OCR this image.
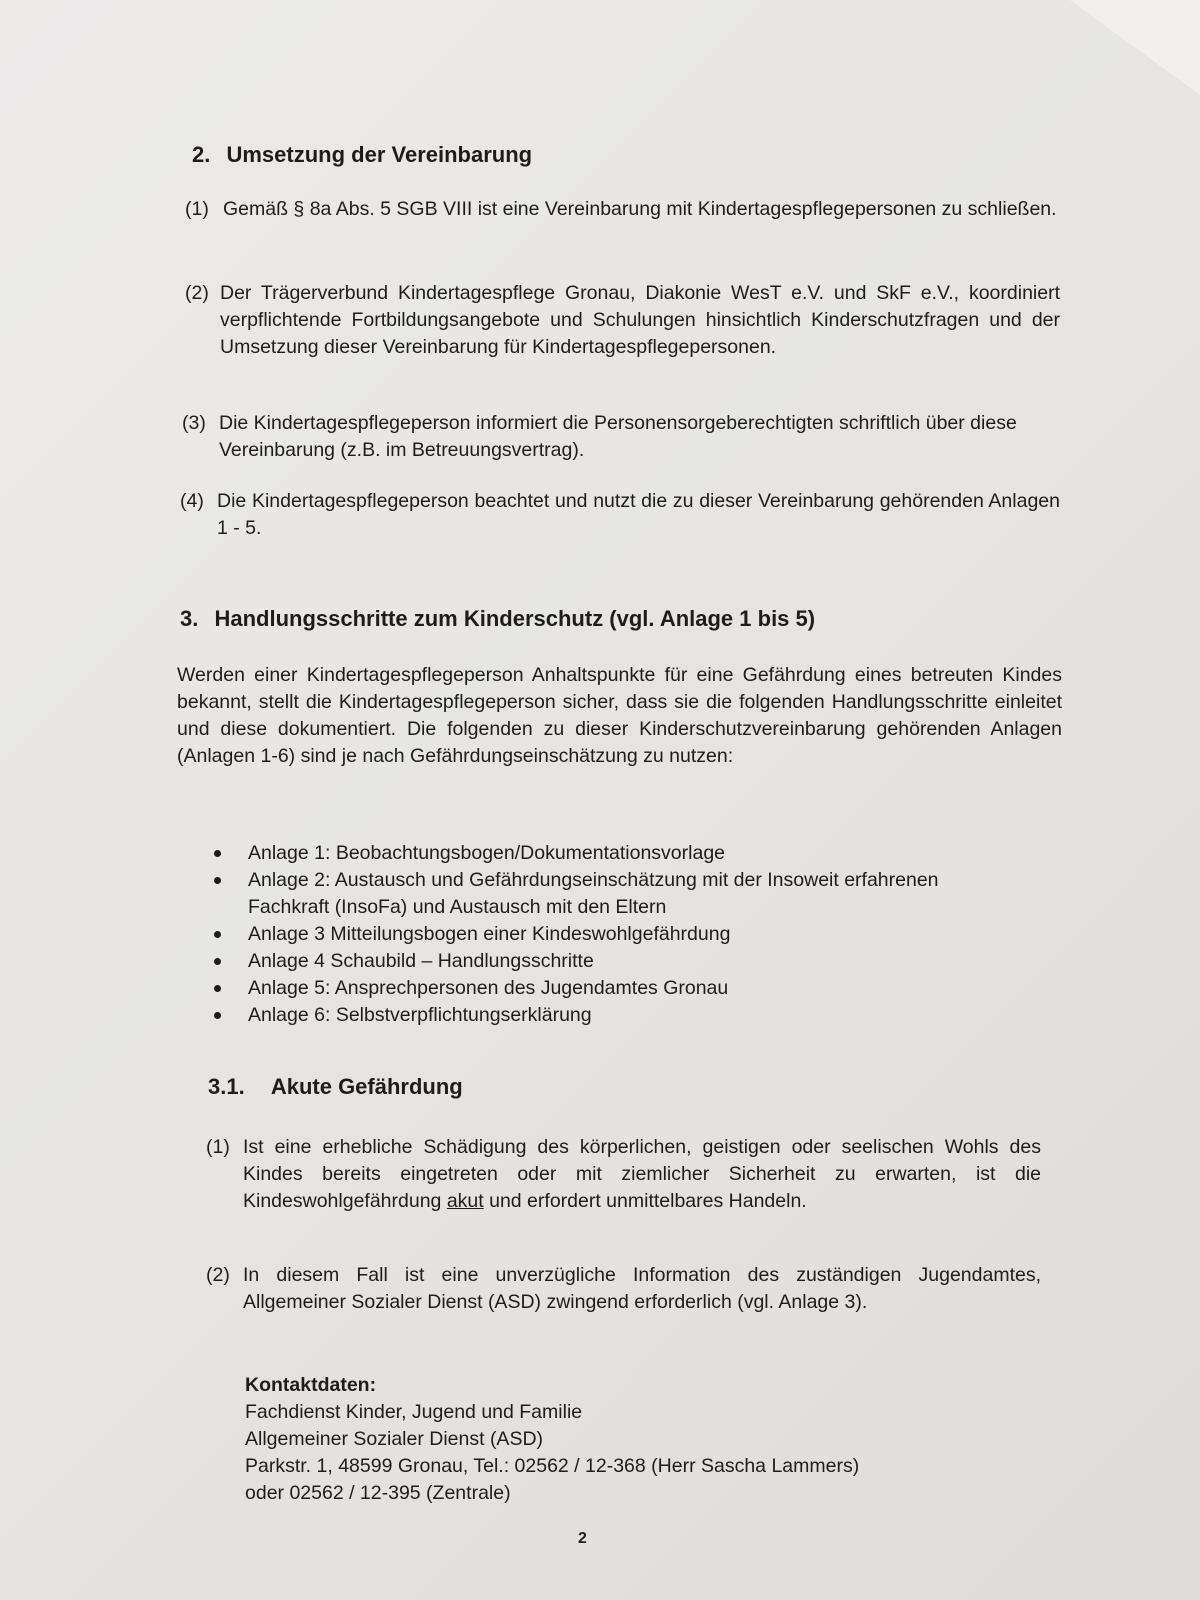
2. Umsetzung der Vereinbarung
(1) Gemäß § 8a Abs. 5 SGB VIII ist eine Vereinbarung mit Kindertagespflegepersonen zu schließen.
(2) Der Trägerverbund Kindertagespflege Gronau, Diakonie WesT e.V. und SkF e.V., koordiniert verpflichtende Fortbildungsangebote und Schulungen hinsichtlich Kinderschutzfragen und der Umsetzung dieser Vereinbarung für Kindertagespflegepersonen.
(3) Die Kindertagespflegeperson informiert die Personensorgeberechtigten schriftlich über diese Vereinbarung (z.B. im Betreuungsvertrag).
(4) Die Kindertagespflegeperson beachtet und nutzt die zu dieser Vereinbarung gehörenden Anlagen 1 - 5.
3. Handlungsschritte zum Kinderschutz (vgl. Anlage 1 bis 5)

Werden einer Kindertagespflegeperson Anhaltspunkte für eine Gefährdung eines betreuten Kindes bekannt, stellt die Kindertagespflegeperson sicher, dass sie die folgenden Handlungsschritte einleitet und diese dokumentiert. Die folgenden zu dieser Kinderschutzvereinbarung gehörenden Anlagen (Anlagen 1-6) sind je nach Gefährdungseinschätzung zu nutzen:

Anlage 1: Beobachtungsbogen/Dokumentationsvorlage
Anlage 2: Austausch und Gefährdungseinschätzung mit der Insoweit erfahrenen Fachkraft (InsoFa) und Austausch mit den Eltern
Anlage 3 Mitteilungsbogen einer Kindeswohlgefährdung
Anlage 4 Schaubild – Handlungsschritte
Anlage 5: Ansprechpersonen des Jugendamtes Gronau
Anlage 6: Selbstverpflichtungserklärung
3.1. Akute Gefährdung
(1) Ist eine erhebliche Schädigung des körperlichen, geistigen oder seelischen Wohls des Kindes bereits eingetreten oder mit ziemlicher Sicherheit zu erwarten, ist die Kindeswohlgefährdung akut und erfordert unmittelbares Handeln.
(2) In diesem Fall ist eine unverzügliche Information des zuständigen Jugendamtes, Allgemeiner Sozialer Dienst (ASD) zwingend erforderlich (vgl. Anlage 3).
Kontaktdaten:
Fachdienst Kinder, Jugend und Familie
Allgemeiner Sozialer Dienst (ASD)
Parkstr. 1, 48599 Gronau, Tel.: 02562 / 12-368 (Herr Sascha Lammers)
oder 02562 / 12-395 (Zentrale)
2
